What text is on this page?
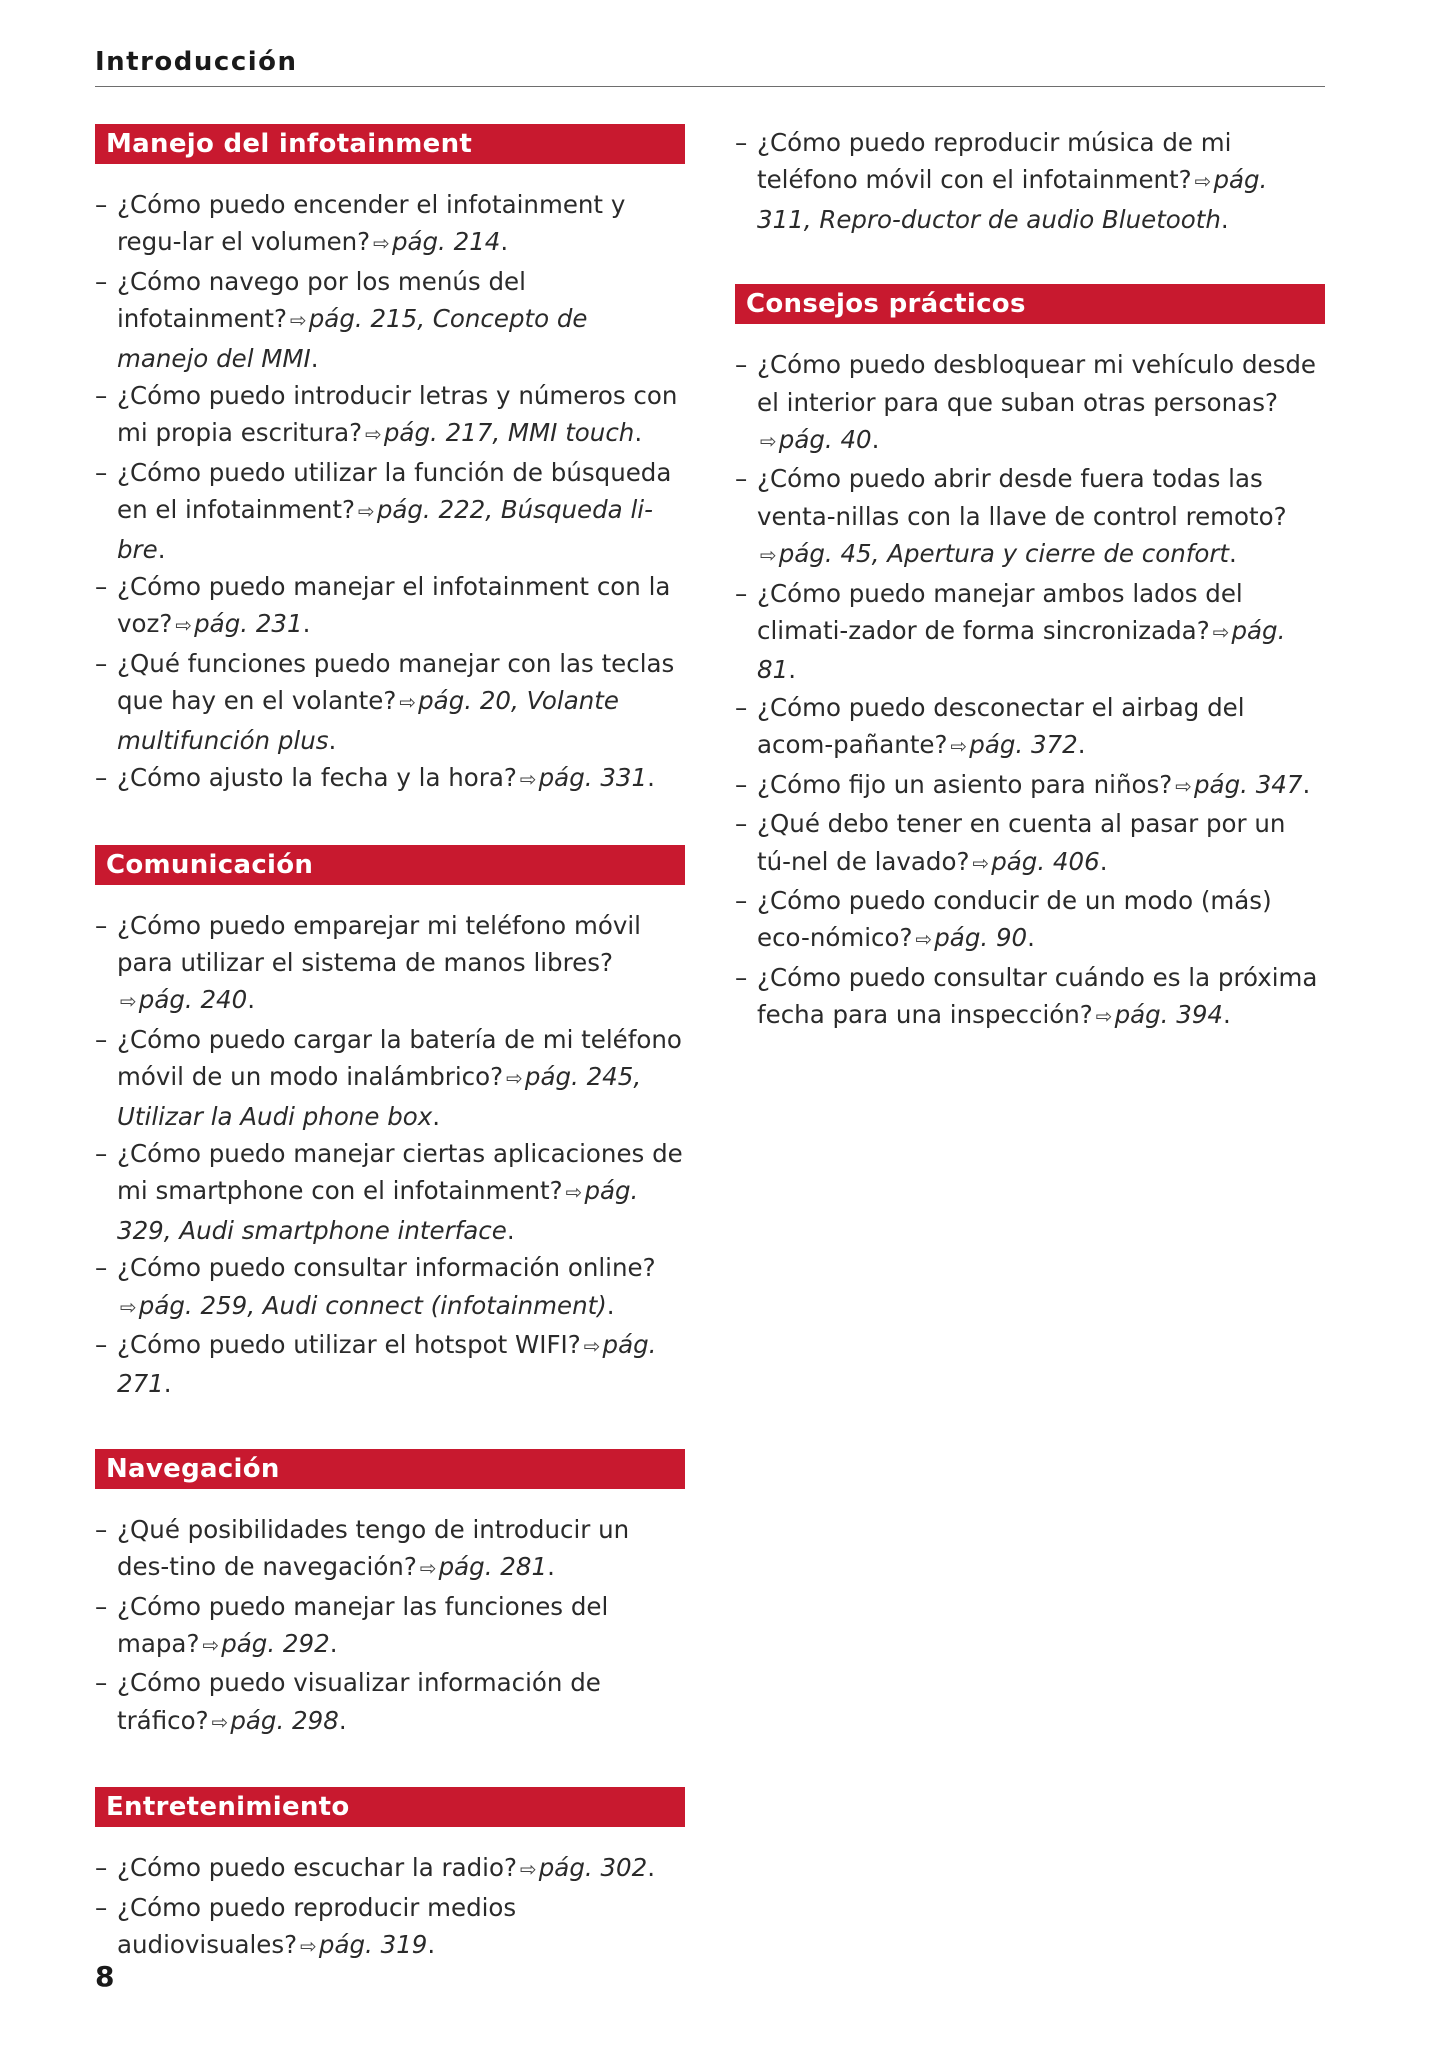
Introducción
Manejo del infotainment
– ¿Cómo puedo encender el infotainment y regu-lar el volumen? ⇨pág. 214.
– ¿Cómo navego por los menús del infotainment? ⇨pág. 215, Concepto de manejo del MMI.
– ¿Cómo puedo introducir letras y números con mi propia escritura? ⇨pág. 217, MMI touch.
– ¿Cómo puedo utilizar la función de búsqueda en el infotainment? ⇨pág. 222, Búsqueda li-bre.
– ¿Cómo puedo manejar el infotainment con la voz? ⇨pág. 231.
– ¿Qué funciones puedo manejar con las teclas que hay en el volante? ⇨pág. 20, Volante multifunción plus.
– ¿Cómo ajusto la fecha y la hora? ⇨pág. 331.
Comunicación
– ¿Cómo puedo emparejar mi teléfono móvil para utilizar el sistema de manos libres?⇨pág. 240.
– ¿Cómo puedo cargar la batería de mi teléfono móvil de un modo inalámbrico? ⇨pág. 245, Utilizar la Audi phone box.
– ¿Cómo puedo manejar ciertas aplicaciones de mi smartphone con el infotainment? ⇨pág. 329, Audi smartphone interface.
– ¿Cómo puedo consultar información online?⇨pág. 259, Audi connect (infotainment).
– ¿Cómo puedo utilizar el hotspot WIFI? ⇨pág. 271.
Navegación
– ¿Qué posibilidades tengo de introducir un des-tino de navegación? ⇨pág. 281.
– ¿Cómo puedo manejar las funciones del mapa? ⇨pág. 292.
– ¿Cómo puedo visualizar información de tráfico? ⇨pág. 298.
Entretenimiento
– ¿Cómo puedo escuchar la radio? ⇨pág. 302.
– ¿Cómo puedo reproducir medios audiovisuales? ⇨pág. 319.
– ¿Cómo puedo reproducir música de mi teléfono móvil con el infotainment? ⇨pág. 311, Repro-ductor de audio Bluetooth.
Consejos prácticos
– ¿Cómo puedo desbloquear mi vehículo desde el interior para que suban otras personas?⇨pág. 40.
– ¿Cómo puedo abrir desde fuera todas las venta-nillas con la llave de control remoto?⇨pág. 45, Apertura y cierre de confort.
– ¿Cómo puedo manejar ambos lados del climati-zador de forma sincronizada? ⇨pág. 81.
– ¿Cómo puedo desconectar el airbag del acom-pañante? ⇨pág. 372.
– ¿Cómo fijo un asiento para niños? ⇨pág. 347.
– ¿Qué debo tener en cuenta al pasar por un tú-nel de lavado? ⇨pág. 406.
– ¿Cómo puedo conducir de un modo (más) eco-nómico? ⇨pág. 90.
– ¿Cómo puedo consultar cuándo es la próxima fecha para una inspección? ⇨pág. 394.
8
